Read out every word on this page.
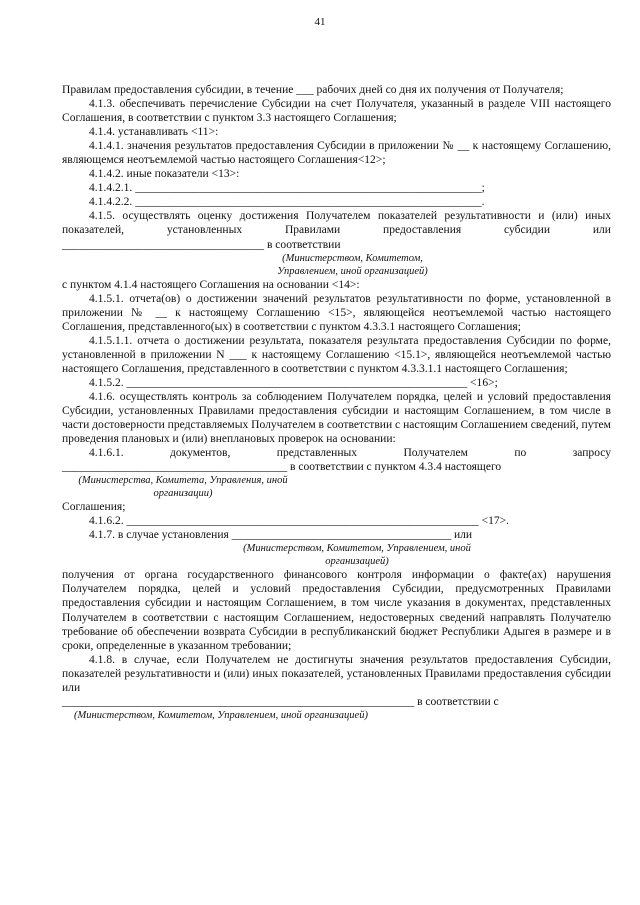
41

Правилам предоставления субсидии, в течение ___ рабочих дней со дня их получения от Получателя;

4.1.3. обеспечивать перечисление Субсидии на счет Получателя, указанный в разделе VIII настоящего Соглашения, в соответствии с пунктом 3.3 настоящего Соглашения;

4.1.4. устанавливать <11>:

4.1.4.1. значения результатов предоставления Субсидии в приложении № __ к настоящему Соглашению, являющемся неотъемлемой частью настоящего Соглашения<12>;

4.1.4.2. иные показатели <13>:

4.1.4.2.1. ____________________________________________________________;

4.1.4.2.2. ____________________________________________________________.

4.1.5. осуществлять оценку достижения Получателем показателей результативности и (или) иных показателей, установленных Правилами предоставления субсидии или

___________________________________ в соответствии

(Министерством, Комитетом, Управлением, иной организацией)

с пунктом 4.1.4 настоящего Соглашения на основании <14>:

4.1.5.1. отчета(ов) о достижении значений результатов результативности по форме, установленной в приложении № __ к настоящему Соглашению <15>, являющейся неотъемлемой частью настоящего Соглашения, представленного(ых) в соответствии с пунктом 4.3.3.1 настоящего Соглашения;

4.1.5.1.1. отчета о достижении результата, показателя результата предоставления Субсидии по форме, установленной в приложении N ___ к настоящему Соглашению <15.1>, являющейся неотъемлемой частью настоящего Соглашения, представленного в соответствии с пунктом 4.3.3.1.1 настоящего Соглашения;

4.1.5.2. ___________________________________________________________ <16>;

4.1.6. осуществлять контроль за соблюдением Получателем порядка, целей и условий предоставления Субсидии, установленных Правилами предоставления субсидии и настоящим Соглашением, в том числе в части достоверности представляемых Получателем в соответствии с настоящим Соглашением сведений, путем проведения плановых и (или) внеплановых проверок на основании:

4.1.6.1. документов, представленных Получателем по запросу

_______________________________________ в соответствии с пунктом 4.3.4 настоящего

(Министерства, Комитета, Управления, иной организации)

Соглашения;

4.1.6.2. _____________________________________________________________ <17>.

4.1.7. в случае установления ______________________________________ или

(Министерством, Комитетом, Управлением, иной организацией)

получения от органа государственного финансового контроля информации о факте(ах) нарушения Получателем порядка, целей и условий предоставления Субсидии, предусмотренных Правилами предоставления субсидии и настоящим Соглашением, в том числе указания в документах, представленных Получателем в соответствии с настоящим Соглашением, недостоверных сведений направлять Получателю требование об обеспечении возврата Субсидии в республиканский бюджет Республики Адыгея в размере и в сроки, определенные в указанном требовании;

4.1.8. в случае, если Получателем не достигнуты значения результатов предоставления Субсидии, показателей результативности и (или) иных показателей, установленных Правилами предоставления субсидии или

_____________________________________________________________ в соответствии с

(Министерством, Комитетом, Управлением, иной организацией)
